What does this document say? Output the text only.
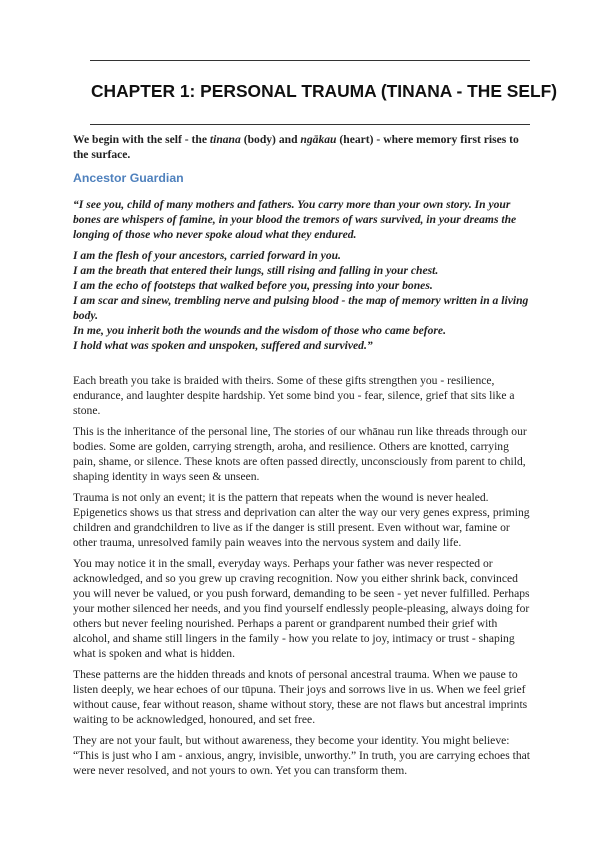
CHAPTER 1: PERSONAL TRAUMA (TINANA - THE SELF)

We begin with the self - the tinana (body) and ngākau (heart) - where memory first rises to the surface.

Ancestor Guardian

“I see you, child of many mothers and fathers. You carry more than your own story. In your bones are whispers of famine, in your blood the tremors of wars survived, in your dreams the longing of those who never spoke aloud what they endured.

I am the flesh of your ancestors, carried forward in you.
I am the breath that entered their lungs, still rising and falling in your chest.
I am the echo of footsteps that walked before you, pressing into your bones.
I am scar and sinew, trembling nerve and pulsing blood - the map of memory written in a living body.
In me, you inherit both the wounds and the wisdom of those who came before.
I hold what was spoken and unspoken, suffered and survived.”

Each breath you take is braided with theirs. Some of these gifts strengthen you - resilience, endurance, and laughter despite hardship. Yet some bind you - fear, silence, grief that sits like a stone.

This is the inheritance of the personal line, The stories of our whānau run like threads through our bodies. Some are golden, carrying strength, aroha, and resilience. Others are knotted, carrying pain, shame, or silence. These knots are often passed directly, unconsciously from parent to child, shaping identity in ways seen & unseen.

Trauma is not only an event; it is the pattern that repeats when the wound is never healed. Epigenetics shows us that stress and deprivation can alter the way our very genes express, priming children and grandchildren to live as if the danger is still present. Even without war, famine or other trauma, unresolved family pain weaves into the nervous system and daily life.

You may notice it in the small, everyday ways. Perhaps your father was never respected or acknowledged, and so you grew up craving recognition. Now you either shrink back, convinced you will never be valued, or you push forward, demanding to be seen - yet never fulfilled. Perhaps your mother silenced her needs, and you find yourself endlessly people-pleasing, always doing for others but never feeling nourished. Perhaps a parent or grandparent numbed their grief with alcohol, and shame still lingers in the family - how you relate to joy, intimacy or trust - shaping what is spoken and what is hidden.

These patterns are the hidden threads and knots of personal ancestral trauma. When we pause to listen deeply, we hear echoes of our tūpuna. Their joys and sorrows live in us. When we feel grief without cause, fear without reason, shame without story, these are not flaws but ancestral imprints waiting to be acknowledged, honoured, and set free.

They are not your fault, but without awareness, they become your identity. You might believe: “This is just who I am - anxious, angry, invisible, unworthy.” In truth, you are carrying echoes that were never resolved, and not yours to own. Yet you can transform them.
